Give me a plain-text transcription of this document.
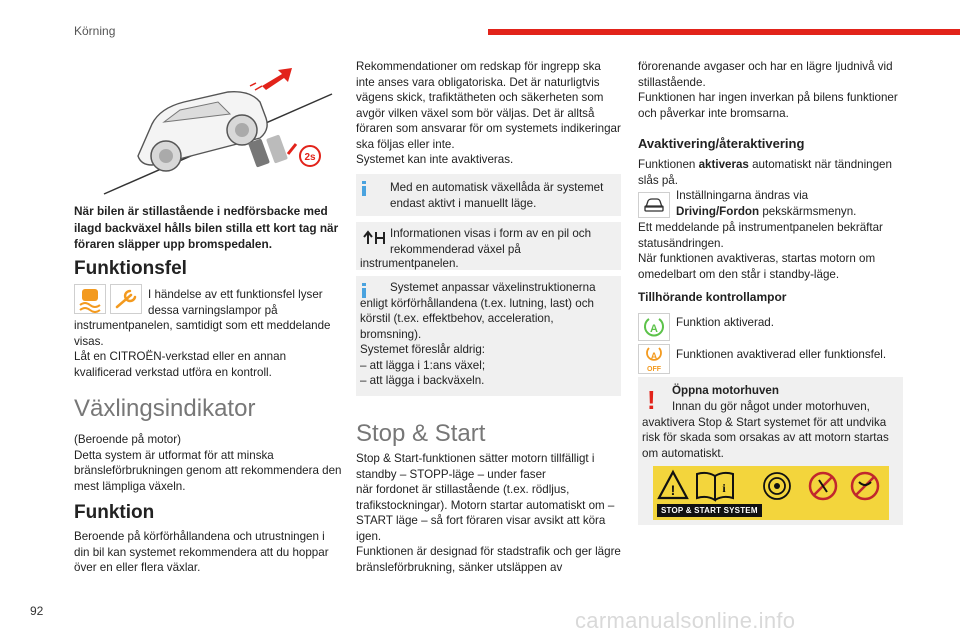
Körning
2s

När bilen är stillastående i nedförsbacke med ilagd backväxel hålls bilen stilla ett kort tag när föraren släpper upp bromspedalen.

Funktionsfel

I händelse av ett funktionsfel lyser dessa varningslampor på

instrumentpanelen, samtidigt som ett meddelande visas.

Låt en CITROËN-verkstad eller en annan kvalificerad verkstad utföra en kontroll.

Växlingsindikator

(Beroende på motor)
Detta system är utformat för att minska bränsleförbrukningen genom att rekommendera den mest lämpliga växeln.

Funktion

Beroende på körförhållandena och utrustningen i din bil kan systemet rekommendera att du hoppar över en eller flera växlar.

Rekommendationer om redskap för ingrepp ska inte anses vara obligatoriska. Det är naturligtvis vägens skick, trafiktätheten och säkerheten som avgör vilken växel som bör väljas. Det är alltså föraren som ansvarar för om systemets indikeringar ska följas eller inte.
Systemet kan inte avaktiveras.

Med en automatisk växellåda är systemet endast aktivt i manuellt läge.

Informationen visas i form av en pil och rekommenderad växel på

instrumentpanelen.

Systemet anpassar växelinstruktionerna enligt körförhållandena (t.ex. lutning, last) och körstil (t.ex. effektbehov, acceleration, bromsning).
Systemet föreslår aldrig:
– att lägga i 1:ans växel;
– att lägga i backväxeln.

Stop & Start

Stop & Start-funktionen sätter motorn tillfälligt i standby – STOPP-läge – under faser
när fordonet är stillastående (t.ex. rödljus, trafikstockningar). Motorn startar automatiskt om – START läge – så fort föraren visar avsikt att köra igen.
Funktionen är designad för stadstrafik och ger lägre bränsleförbrukning, sänker utsläppen av

förorenande avgaser och har en lägre ljudnivå vid stillastående.
Funktionen har ingen inverkan på bilens funktioner och påverkar inte bromsarna.

Avaktivering/återaktivering

Funktionen aktiveras automatiskt när tändningen slås på.

Inställningarna ändras via

Driving/Fordon pekskärmsmenyn.

Ett meddelande på instrumentpanelen bekräftar statusändringen.
När funktionen avaktiveras, startas motorn om omedelbart om den står i standby-läge.

Tillhörande kontrollampor
A Funktion aktiverad.

A
OFF

Funktionen avaktiverad eller funktionsfel.

! Öppna motorhuven

Innan du gör något under motorhuven, avaktivera Stop & Start systemet för att undvika risk för skada som orsakas av att motorn startas om automatiskt.

!	i
STOP & START SYSTEM
92	carmanualsonline.info
